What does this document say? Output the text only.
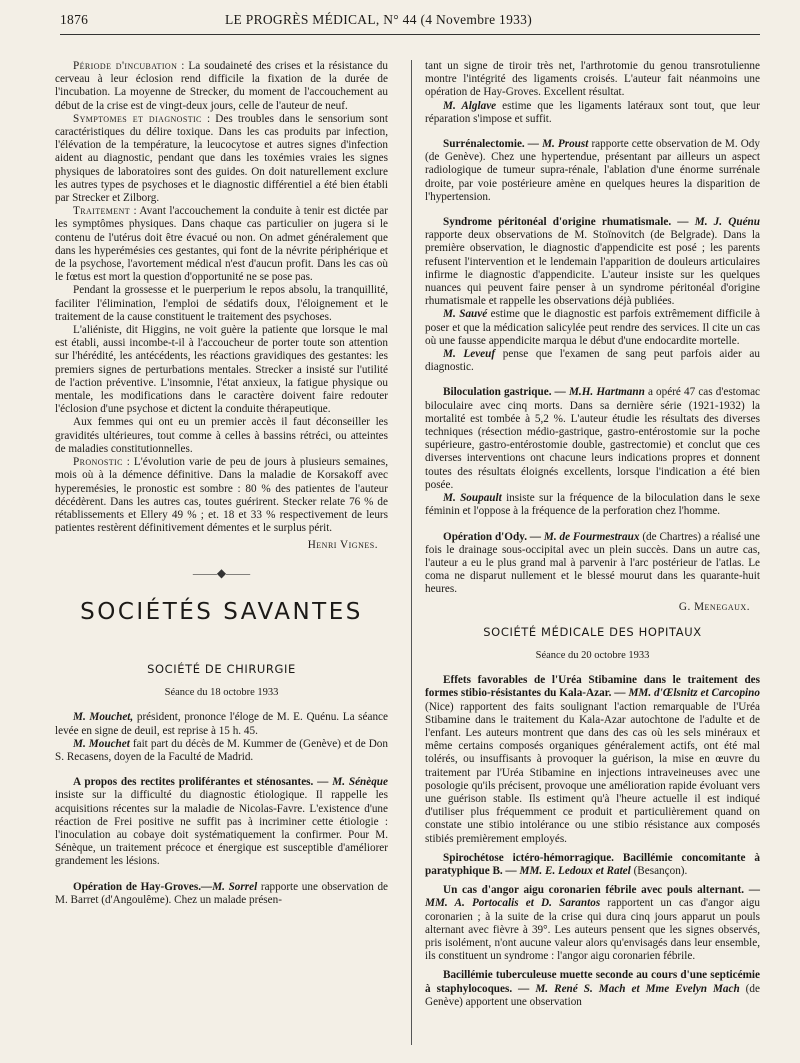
1876	LE PROGRÈS MÉDICAL, N° 44 (4 Novembre 1933)

Période d'incubation : La soudaineté des crises et la résistance du cerveau à leur éclosion rend difficile la fixation de la durée de l'incubation. La moyenne de Strecker, du moment de l'accouchement au début de la crise est de vingt-deux jours, celle de l'auteur de neuf.

Symptomes et diagnostic : Des troubles dans le sensorium sont caractéristiques du délire toxique. Dans les cas produits par infection, l'élévation de la température, la leucocytose et autres signes d'infection aident au diagnostic, pendant que dans les toxémies vraies les signes physiques de laboratoires sont des guides. On doit naturellement exclure les autres types de psychoses et le diagnostic différentiel a été bien établi par Strecker et Zilborg.

Traitement : Avant l'accouchement la conduite à tenir est dictée par les symptômes physiques. Dans chaque cas particulier on jugera si le contenu de l'utérus doit être évacué ou non. On admet généralement que dans les hyperémésies ces gestantes, qui font de la névrite périphérique et de la psychose, l'avortement médical n'est d'aucun profit. Dans les cas où le fœtus est mort la question d'opportunité ne se pose pas.

Pendant la grossesse et le puerperium le repos absolu, la tranquillité, faciliter l'élimination, l'emploi de sédatifs doux, l'éloignement et le traitement de la cause constituent le traitement des psychoses.

L'aliéniste, dit Higgins, ne voit guère la patiente que lorsque le mal est établi, aussi incombe-t-il à l'accoucheur de porter toute son attention sur l'hérédité, les antécédents, les réactions gravidiques des gestantes: les premiers signes de perturbations mentales. Strecker a insisté sur l'utilité de l'action préventive. L'insomnie, l'état anxieux, la fatigue physique ou mentale, les modifications dans le caractère doivent faire redouter l'éclosion d'une psychose et dictent la conduite thérapeutique.

Aux femmes qui ont eu un premier accès il faut déconseiller les gravidités ultérieures, tout comme à celles à bassins rétréci, ou atteintes de maladies constitutionnelles.

Pronostic : L'évolution varie de peu de jours à plusieurs semaines, mois où à la démence définitive. Dans la maladie de Korsakoff avec hyperemésies, le pronostic est sombre : 80 % des patientes de l'auteur décédèrent. Dans les autres cas, toutes guérirent. Stecker relate 76 % de rétablissements et Ellery 49 % ; et. 18 et 33 % respectivement de leurs patientes restèrent définitivement démentes et le surplus périt.

Henri Vignes.
——◆——
SOCIÉTÉS SAVANTES
SOCIÉTÉ DE CHIRURGIE
Séance du 18 octobre 1933

M. Mouchet, président, prononce l'éloge de M. E. Quénu. La séance levée en signe de deuil, est reprise à 15 h. 45.

M. Mouchet fait part du décès de M. Kummer de (Genève) et de Don S. Recasens, doyen de la Faculté de Madrid.

A propos des rectites proliférantes et sténosantes. — M. Sénèque insiste sur la difficulté du diagnostic étiologique. Il rappelle les acquisitions récentes sur la maladie de Nicolas-Favre. L'existence d'une réaction de Frei positive ne suffit pas à incriminer cette étiologie : l'inoculation au cobaye doit systématiquement la confirmer. Pour M. Sénèque, un traitement précoce et énergique est susceptible d'améliorer grandement les lésions.

Opération de Hay-Groves.—M. Sorrel rapporte une observation de M. Barret (d'Angoulême). Chez un malade présen-

tant un signe de tiroir très net, l'arthrotomie du genou transrotulienne montre l'intégrité des ligaments croisés. L'auteur fait néanmoins une opération de Hay-Groves. Excellent résultat.

M. Alglave estime que les ligaments latéraux sont tout, que leur réparation s'impose et suffit.

Surrénalectomie. — M. Proust rapporte cette observation de M. Ody (de Genève). Chez une hypertendue, présentant par ailleurs un aspect radiologique de tumeur supra-rénale, l'ablation d'une énorme surrénale droite, par voie postérieure amène en quelques heures la disparition de l'hypertension.

Syndrome péritonéal d'origine rhumatismale. — M. J. Quénu rapporte deux observations de M. Stoïnovitch (de Belgrade). Dans la première observation, le diagnostic d'appendicite est posé ; les parents refusent l'intervention et le lendemain l'apparition de douleurs articulaires infirme le diagnostic d'appendicite. L'auteur insiste sur les quelques nuances qui peuvent faire penser à un syndrome péritonéal d'origine rhumatismale et rappelle les observations déjà publiées.

M. Sauvé estime que le diagnostic est parfois extrêmement difficile à poser et que la médication salicylée peut rendre des services. Il cite un cas où une fausse appendicite marqua le début d'une endocardite mortelle.

M. Leveuf pense que l'examen de sang peut parfois aider au diagnostic.

Biloculation gastrique. — M.H. Hartmann a opéré 47 cas d'estomac biloculaire avec cinq morts. Dans sa dernière série (1921-1932) la mortalité est tombée à 5,2 %. L'auteur étudie les résultats des diverses techniques (résection médio-gastrique, gastro-entérostomie sur la poche supérieure, gastro-entérostomie double, gastrectomie) et conclut que ces diverses interventions ont chacune leurs indications propres et donnent toutes des résultats éloignés excellents, lorsque l'indication a été bien posée.

M. Soupault insiste sur la fréquence de la biloculation dans le sexe féminin et l'oppose à la fréquence de la perforation chez l'homme.

Opération d'Ody. — M. de Fourmestraux (de Chartres) a réalisé une fois le drainage sous-occipital avec un plein succès. Dans un autre cas, l'auteur a eu le plus grand mal à parvenir à l'arc postérieur de l'atlas. Le coma ne disparut nullement et le blessé mourut dans les quarante-huit heures.

G. Menegaux.
SOCIÉTÉ MÉDICALE DES HOPITAUX
Séance du 20 octobre 1933

Effets favorables de l'Uréa Stibamine dans le traitement des formes stibio-résistantes du Kala-Azar. — MM. d'Œlsnitz et Carcopino (Nice) rapportent des faits soulignant l'action remarquable de l'Uréa Stibamine dans le traitement du Kala-Azar autochtone de l'adulte et de l'enfant. Les auteurs montrent que dans des cas où les sels minéraux et même certains composés organiques généralement actifs, ont été mal tolérés, ou insuffisants à provoquer la guérison, la mise en œuvre du traitement par l'Uréa Stibamine en injections intraveineuses avec une posologie qu'ils précisent, provoque une amélioration rapide évoluant vers une guérison stable. Ils estiment qu'à l'heure actuelle il est indiqué d'utiliser plus fréquemment ce produit et particulièrement quand on constate une stibio intolérance ou une stibio résistance aux composés stibiés premièrement employés.

Spirochétose ictéro-hémorragique. Bacillémie concomitante à paratyphique B. — MM. E. Ledoux et Ratel (Besançon).

Un cas d'angor aigu coronarien fébrile avec pouls alternant. — MM. A. Portocalis et D. Sarantos rapportent un cas d'angor aigu coronarien ; à la suite de la crise qui dura cinq jours apparut un pouls alternant avec fièvre à 39°. Les auteurs pensent que les signes observés, pris isolément, n'ont aucune valeur alors qu'envisagés dans leur ensemble, ils constituent un syndrome : l'angor aigu coronarien fébrile.

Bacillémie tuberculeuse muette seconde au cours d'une septicémie à staphylocoques. — M. René S. Mach et Mme Evelyn Mach (de Genève) apportent une observation
